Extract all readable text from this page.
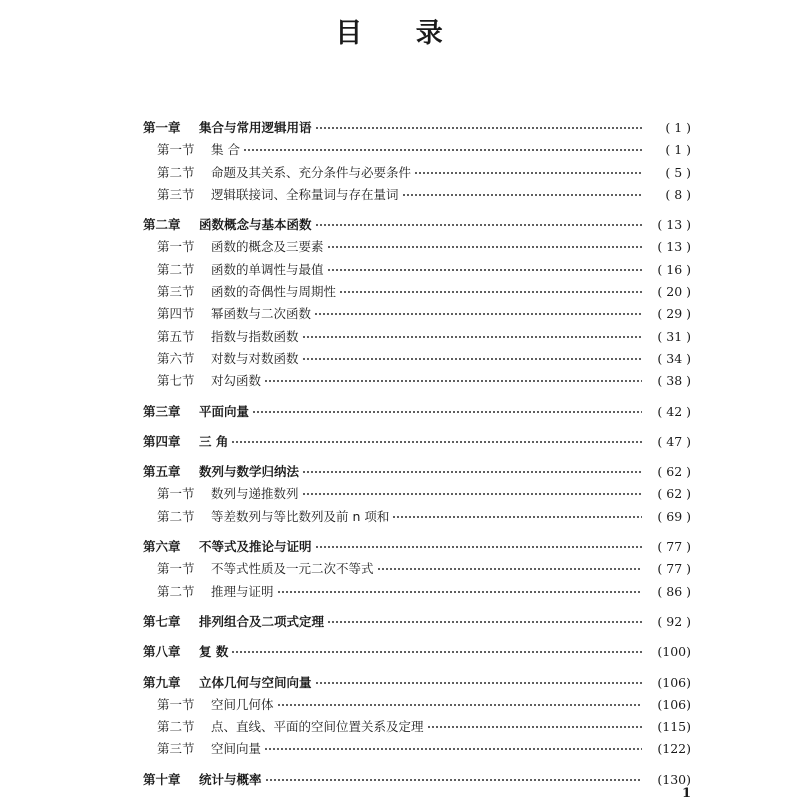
目 录
第一章	集合与常用逻辑用语	( 1 )
第一节	集 合	( 1 )
第二节	命题及其关系、充分条件与必要条件	( 5 )
第三节	逻辑联接词、全称量词与存在量词	( 8 )
第二章	函数概念与基本函数	( 13 )
第一节	函数的概念及三要素	( 13 )
第二节	函数的单调性与最值	( 16 )
第三节	函数的奇偶性与周期性	( 20 )
第四节	幂函数与二次函数	( 29 )
第五节	指数与指数函数	( 31 )
第六节	对数与对数函数	( 34 )
第七节	对勾函数	( 38 )
第三章	平面向量	( 42 )
第四章	三 角	( 47 )
第五章	数列与数学归纳法	( 62 )
第一节	数列与递推数列	( 62 )
第二节	等差数列与等比数列及前 n 项和	( 69 )
第六章	不等式及推论与证明	( 77 )
第一节	不等式性质及一元二次不等式	( 77 )
第二节	推理与证明	( 86 )
第七章	排列组合及二项式定理	( 92 )
第八章	复 数	(100)
第九章	立体几何与空间向量	(106)
第一节	空间几何体	(106)
第二节	点、直线、平面的空间位置关系及定理	(115)
第三节	空间向量	(122)
第十章	统计与概率	(130)
1
